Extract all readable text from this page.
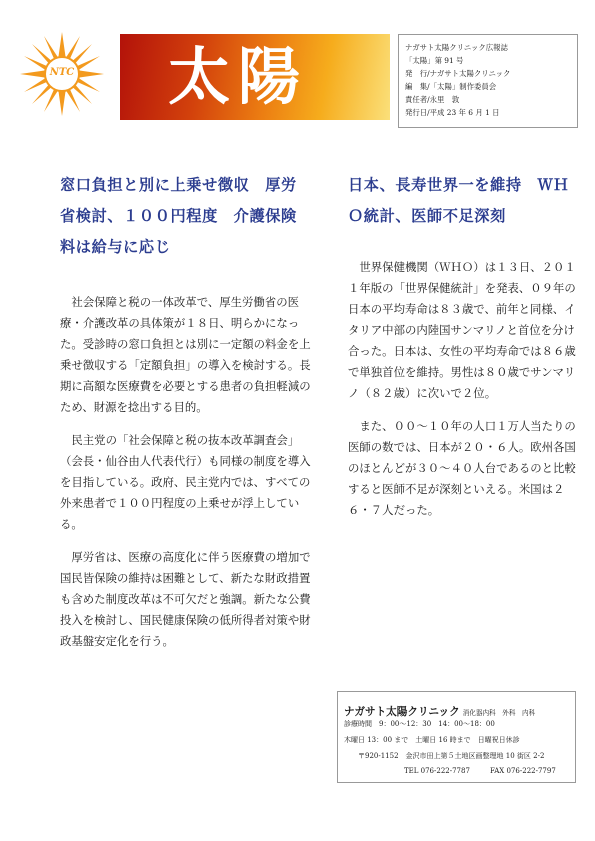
NTC 太陽	ナガサト太陽クリニック広報誌
「太陽」第 91 号
発　行/ナガサト太陽クリニック
編　集/「太陽」制作委員会
責任者/永里　敦
発行日/平成 23 年 6 月 1 日
窓口負担と別に上乗せ徴収　厚労省検討、１００円程度　介護保険料は給与に応じ

社会保障と税の一体改革で、厚生労働省の医療・介護改革の具体策が１８日、明らかになった。受診時の窓口負担とは別に一定額の料金を上乗せ徴収する「定額負担」の導入を検討する。長期に高額な医療費を必要とする患者の負担軽減のため、財源を捻出する目的。

民主党の「社会保障と税の抜本改革調査会」（会長・仙谷由人代表代行）も同様の制度を導入を目指している。政府、民主党内では、すべての外来患者で１００円程度の上乗せが浮上している。

厚労省は、医療の高度化に伴う医療費の増加で国民皆保険の維持は困難として、新たな財政措置も含めた制度改革は不可欠だと強調。新たな公費投入を検討し、国民健康保険の低所得者対策や財政基盤安定化を行う。

日本、長寿世界一を維持　ＷＨＯ統計、医師不足深刻

世界保健機関（ＷＨＯ）は１３日、２０１１年版の「世界保健統計」を発表、０９年の日本の平均寿命は８３歳で、前年と同様、イタリア中部の内陸国サンマリノと首位を分け合った。日本は、女性の平均寿命では８６歳で単独首位を維持。男性は８０歳でサンマリノ（８２歳）に次いで２位。

また、００～１０年の人口１万人当たりの医師の数では、日本が２０・６人。欧州各国のほとんどが３０～４０人台であるのと比較すると医師不足が深刻といえる。米国は２６・７人だった。

ナガサト太陽クリニック 消化器内科　外科　内科
診療時間　9：00～12：30　14：00～18：00
木曜日 13：00 まで　土曜日 16 時まで　日曜祝日休診
〒920-1152　金沢市田上第５土地区画整理地 10 街区 2-2
TEL 076-222-7787	FAX 076-222-7797
